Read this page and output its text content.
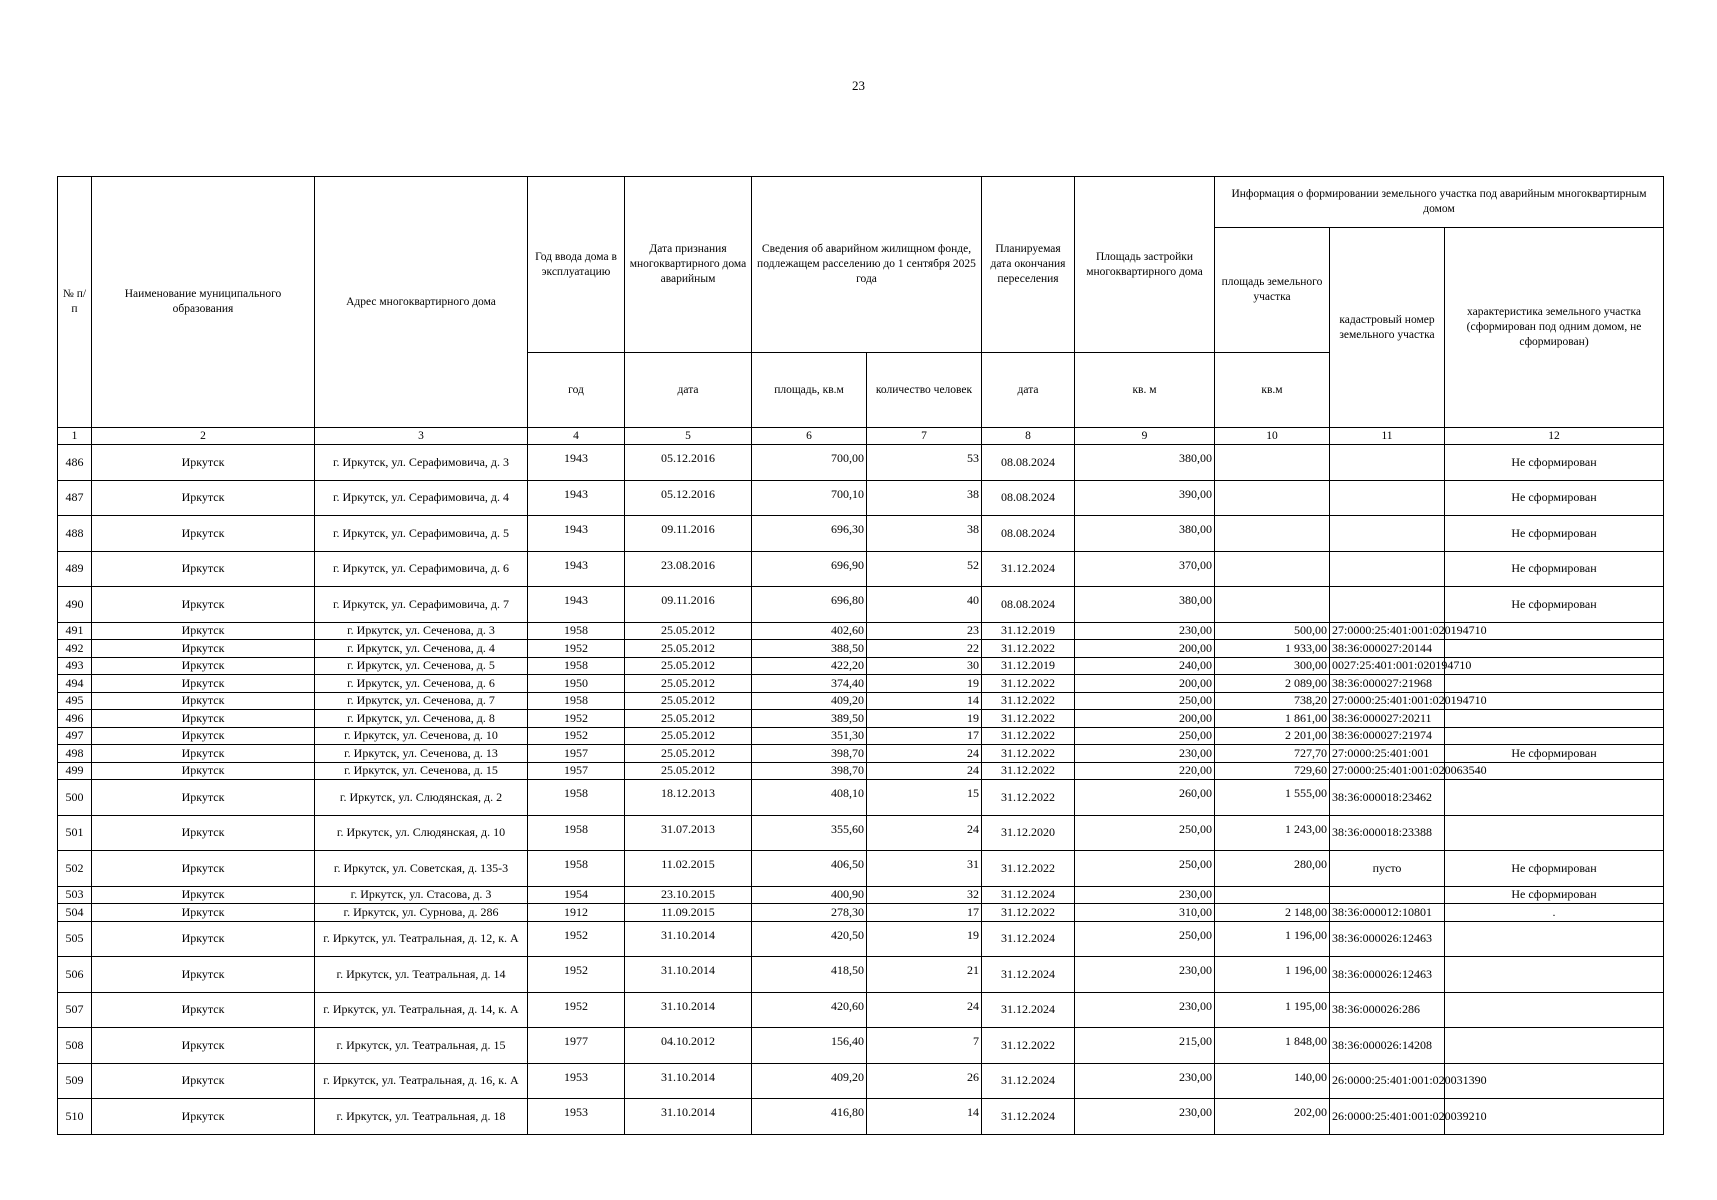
23
№ п/п	Наименование муниципального образования	Адрес многоквартирного дома	Год ввода дома в эксплуатацию	Дата признания многоквартирного дома аварийным	Сведения об аварийном жилищном фонде, подлежащем расселению до 1 сентября 2025 года		Планируемая дата окончания переселения	Площадь застройки многоквартирного дома	Информация о формировании земельного участка под аварийным многоквартирным домом		
									площадь земельного участка	кадастровый номер земельного участка	характеристика земельного участка (сформирован под одним домом, не сформирован)
			год	дата	площадь, кв.м	количество человек	дата	кв. м	кв.м		
1	2	3	4	5	6	7	8	9	10	11	12
486	Иркутск	г. Иркутск, ул. Серафимовича, д. 3	1943	05.12.2016	700,00	53	08.08.2024	380,00			Не сформирован
487	Иркутск	г. Иркутск, ул. Серафимовича, д. 4	1943	05.12.2016	700,10	38	08.08.2024	390,00			Не сформирован
488	Иркутск	г. Иркутск, ул. Серафимовича, д. 5	1943	09.11.2016	696,30	38	08.08.2024	380,00			Не сформирован
489	Иркутск	г. Иркутск, ул. Серафимовича, д. 6	1943	23.08.2016	696,90	52	31.12.2024	370,00			Не сформирован
490	Иркутск	г. Иркутск, ул. Серафимовича, д. 7	1943	09.11.2016	696,80	40	08.08.2024	380,00			Не сформирован
491	Иркутск	г. Иркутск, ул. Сеченова, д. 3	1958	25.05.2012	402,60	23	31.12.2019	230,00	500,00	27:0000:25:401:001:020194710	
492	Иркутск	г. Иркутск, ул. Сеченова, д. 4	1952	25.05.2012	388,50	22	31.12.2022	200,00	1 933,00	38:36:000027:20144	
493	Иркутск	г. Иркутск, ул. Сеченова, д. 5	1958	25.05.2012	422,20	30	31.12.2019	240,00	300,00	0027:25:401:001:020194710	
494	Иркутск	г. Иркутск, ул. Сеченова, д. 6	1950	25.05.2012	374,40	19	31.12.2022	200,00	2 089,00	38:36:000027:21968	
495	Иркутск	г. Иркутск, ул. Сеченова, д. 7	1958	25.05.2012	409,20	14	31.12.2022	250,00	738,20	27:0000:25:401:001:020194710	
496	Иркутск	г. Иркутск, ул. Сеченова, д. 8	1952	25.05.2012	389,50	19	31.12.2022	200,00	1 861,00	38:36:000027:20211	
497	Иркутск	г. Иркутск, ул. Сеченова, д. 10	1952	25.05.2012	351,30	17	31.12.2022	250,00	2 201,00	38:36:000027:21974	
498	Иркутск	г. Иркутск, ул. Сеченова, д. 13	1957	25.05.2012	398,70	24	31.12.2022	230,00	727,70	27:0000:25:401:001	Не сформирован
499	Иркутск	г. Иркутск, ул. Сеченова, д. 15	1957	25.05.2012	398,70	24	31.12.2022	220,00	729,60	27:0000:25:401:001:020063540	
500	Иркутск	г. Иркутск, ул. Слюдянская, д. 2	1958	18.12.2013	408,10	15	31.12.2022	260,00	1 555,00	38:36:000018:23462	
501	Иркутск	г. Иркутск, ул. Слюдянская, д. 10	1958	31.07.2013	355,60	24	31.12.2020	250,00	1 243,00	38:36:000018:23388	
502	Иркутск	г. Иркутск, ул. Советская, д. 135-3	1958	11.02.2015	406,50	31	31.12.2022	250,00	280,00	пусто	Не сформирован
503	Иркутск	г. Иркутск, ул. Стасова, д. 3	1954	23.10.2015	400,90	32	31.12.2024	230,00			Не сформирован
504	Иркутск	г. Иркутск, ул. Сурнова, д. 286	1912	11.09.2015	278,30	17	31.12.2022	310,00	2 148,00	38:36:000012:10801	.
505	Иркутск	г. Иркутск, ул. Театральная, д. 12, к. А	1952	31.10.2014	420,50	19	31.12.2024	250,00	1 196,00	38:36:000026:12463	
506	Иркутск	г. Иркутск, ул. Театральная, д. 14	1952	31.10.2014	418,50	21	31.12.2024	230,00	1 196,00	38:36:000026:12463	
507	Иркутск	г. Иркутск, ул. Театральная, д. 14, к. А	1952	31.10.2014	420,60	24	31.12.2024	230,00	1 195,00	38:36:000026:286	
508	Иркутск	г. Иркутск, ул. Театральная, д. 15	1977	04.10.2012	156,40	7	31.12.2022	215,00	1 848,00	38:36:000026:14208	
509	Иркутск	г. Иркутск, ул. Театральная, д. 16, к. А	1953	31.10.2014	409,20	26	31.12.2024	230,00	140,00	26:0000:25:401:001:020031390	
510	Иркутск	г. Иркутск, ул. Театральная, д. 18	1953	31.10.2014	416,80	14	31.12.2024	230,00	202,00	26:0000:25:401:001:020039210	
